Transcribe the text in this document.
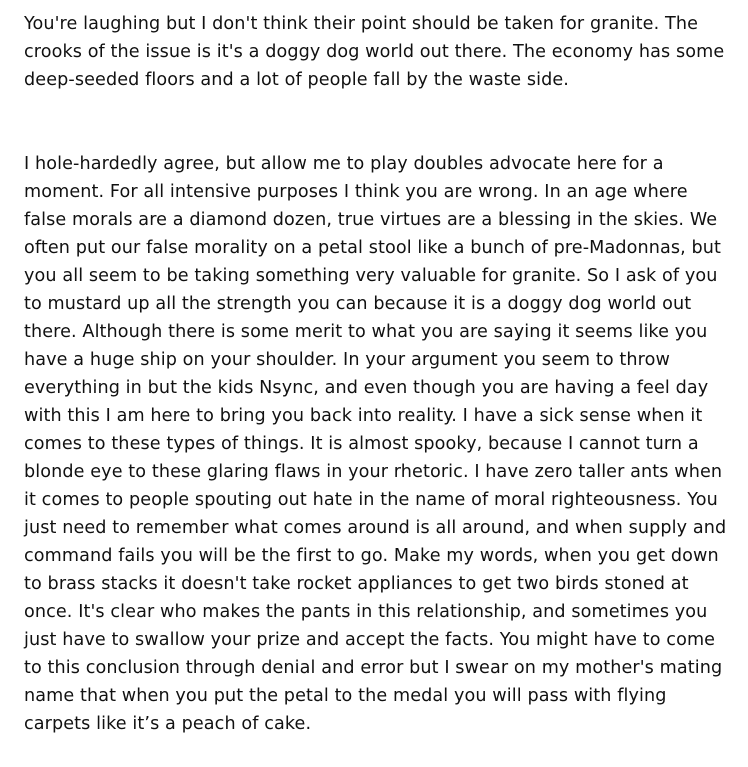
You're laughing but I don't think their point should be taken for granite. The
crooks of the issue is it's a doggy dog world out there. The economy has some
deep-seeded floors and a lot of people fall by the waste side.

I hole-hardedly agree, but allow me to play doubles advocate here for a
moment. For all intensive purposes I think you are wrong. In an age where
false morals are a diamond dozen, true virtues are a blessing in the skies. We
often put our false morality on a petal stool like a bunch of pre-Madonnas, but
you all seem to be taking something very valuable for granite. So I ask of you
to mustard up all the strength you can because it is a doggy dog world out
there. Although there is some merit to what you are saying it seems like you
have a huge ship on your shoulder. In your argument you seem to throw
everything in but the kids Nsync, and even though you are having a feel day
with this I am here to bring you back into reality. I have a sick sense when it
comes to these types of things. It is almost spooky, because I cannot turn a
blonde eye to these glaring flaws in your rhetoric. I have zero taller ants when
it comes to people spouting out hate in the name of moral righteousness. You
just need to remember what comes around is all around, and when supply and
command fails you will be the first to go. Make my words, when you get down
to brass stacks it doesn't take rocket appliances to get two birds stoned at
once. It's clear who makes the pants in this relationship, and sometimes you
just have to swallow your prize and accept the facts. You might have to come
to this conclusion through denial and error but I swear on my mother's mating
name that when you put the petal to the medal you will pass with flying
carpets like it’s a peach of cake.
